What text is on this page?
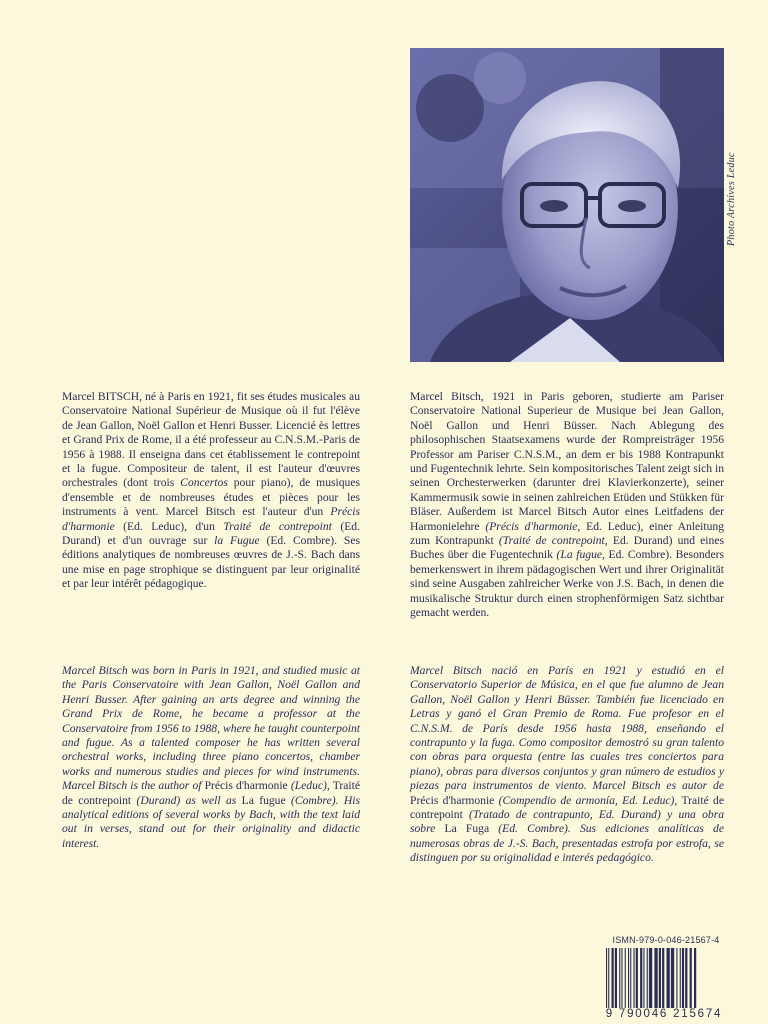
Photo Archives Leduc

Marcel BITSCH, né à Paris en 1921, fit ses études musicales au Conservatoire National Supérieur de Musique où il fut l'élève de Jean Gallon, Noël Gallon et Henri Busser. Licencié ès lettres et Grand Prix de Rome, il a été professeur au C.N.S.M.-Paris de 1956 à 1988. Il enseigna dans cet établissement le contrepoint et la fugue. Compositeur de talent, il est l'auteur d'œuvres orchestrales (dont trois Concertos pour piano), de musiques d'ensemble et de nombreuses études et pièces pour les instruments à vent. Marcel Bitsch est l'auteur d'un Précis d'harmonie (Ed. Leduc), d'un Traité de contrepoint (Ed. Durand) et d'un ouvrage sur la Fugue (Ed. Combre). Ses éditions analytiques de nombreuses œuvres de J.-S. Bach dans une mise en page strophique se distinguent par leur originalité et par leur intérêt pédagogique.

Marcel Bitsch, 1921 in Paris geboren, studierte am Pariser Conservatoire National Superieur de Musique bei Jean Gallon, Noël Gallon und Henri Büsser. Nach Ablegung des philosophischen Staatsexamens wurde der Rompreisträger 1956 Professor am Pariser C.N.S.M., an dem er bis 1988 Kontrapunkt und Fugentechnik lehrte. Sein kompositorisches Talent zeigt sich in seinen Orchesterwerken (darunter drei Klavierkonzerte), seiner Kammermusik sowie in seinen zahlreichen Etüden und Stükken für Bläser. Außerdem ist Marcel Bitsch Autor eines Leitfadens der Harmonielehre (Précis d'harmonie, Ed. Leduc), einer Anleitung zum Kontrapunkt (Traité de contrepoint, Ed. Durand) und eines Buches über die Fugentechnik (La fugue, Ed. Combre). Besonders bemerkenswert in ihrem pädagogischen Wert und ihrer Originalität sind seine Ausgaben zahlreicher Werke von J.S. Bach, in denen die musikalische Struktur durch einen strophenförmigen Satz sichtbar gemacht werden.

Marcel Bitsch was born in Paris in 1921, and studied music at the Paris Conservatoire with Jean Gallon, Noël Gallon and Henri Busser. After gaining an arts degree and winning the Grand Prix de Rome, he became a professor at the Conservatoire from 1956 to 1988, where he taught counterpoint and fugue. As a talented composer he has written several orchestral works, including three piano concertos, chamber works and numerous studies and pieces for wind instruments. Marcel Bitsch is the author of Précis d'harmonie (Leduc), Traité de contrepoint (Durand) as well as La fugue (Combre). His analytical editions of several works by Bach, with the text laid out in verses, stand out for their originality and didactic interest.

Marcel Bitsch nació en París en 1921 y estudió en el Conservatorio Superior de Música, en el que fue alumno de Jean Gallon, Noël Gallon y Henri Büsser. También fue licenciado en Letras y ganó el Gran Premio de Roma. Fue profesor en el C.N.S.M. de París desde 1956 hasta 1988, enseñando el contrapunto y la fuga. Como compositor demostró su gran talento con obras para orquesta (entre las cuales tres conciertos para piano), obras para diversos conjuntos y gran número de estudios y piezas para instrumentos de viento. Marcel Bitsch es autor de Précis d'harmonie (Compendio de armonía, Ed. Leduc), Traité de contrepoint (Tratado de contrapunto, Ed. Durand) y una obra sobre La Fuga (Ed. Combre). Sus ediciones analíticas de numerosas obras de J.-S. Bach, presentadas estrofa por estrofa, se distinguen por su originalidad e interés pedagógico.

ISMN-979-0-046-21567-4
9 790046 215674
